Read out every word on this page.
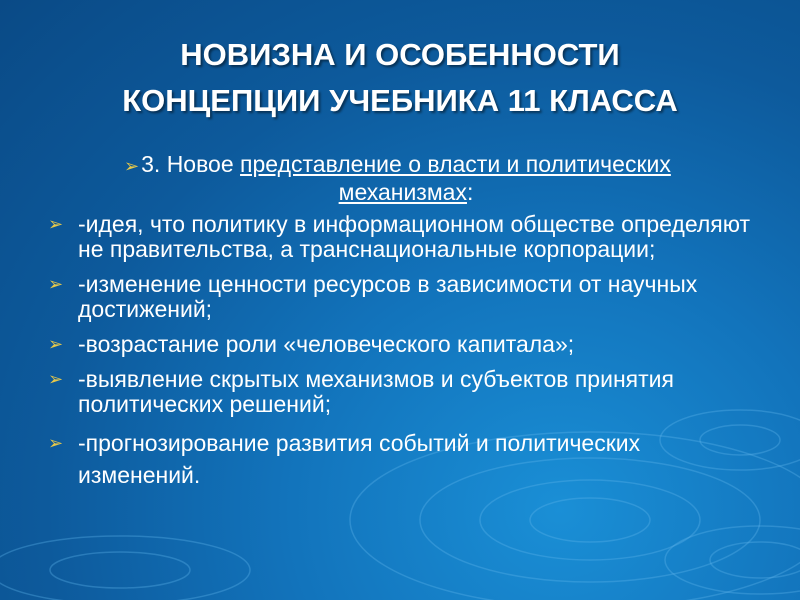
НОВИЗНА И ОСОБЕННОСТИ
КОНЦЕПЦИИ УЧЕБНИКА 11 КЛАССА
➢ 3. Новое представление о власти и политических механизмах:
➢ -идея, что политику в информационном обществе определяют не правительства, а транснациональные корпорации;
➢ -изменение ценности ресурсов в зависимости от научных достижений;
➢ -возрастание роли «человеческого капитала»;
➢ -выявление скрытых механизмов и субъектов принятия политических решений;
➢ -прогнозирование развития событий и политических изменений.
